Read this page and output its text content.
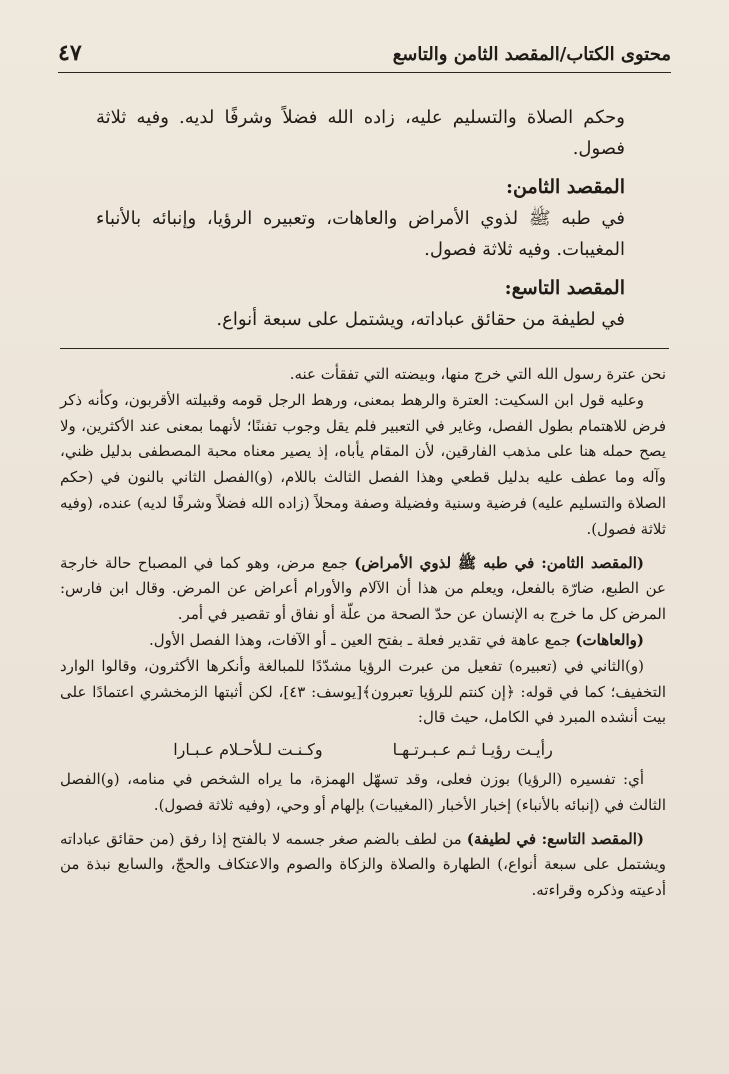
محتوى الكتاب/المقصد الثامن والتاسع
٤٧

وحكم الصلاة والتسليم عليه، زاده الله فضلاً وشرفًا لديه. وفيه ثلاثة فصول.

المقصد الثامن:

في طبه ﷺ لذوي الأمراض والعاهات، وتعبيره الرؤيا، وإنبائه بالأنباء المغيبات. وفيه ثلاثة فصول.

المقصد التاسع:

في لطيفة من حقائق عباداته، ويشتمل على سبعة أنواع.

نحن عترة رسول الله التي خرج منها، وبيضته التي تفقأت عنه.

وعليه قول ابن السكيت: العترة والرهط بمعنى، ورهط الرجل قومه وقبيلته الأقربون، وكأنه ذكر فرض للاهتمام بطول الفصل، وغاير في التعبير فلم يقل وجوب تفننًا؛ لأنهما بمعنى عند الأكثرين، ولا يصح حمله هنا على مذهب الفارقين، لأن المقام يأباه، إذ يصير معناه محبة المصطفى بدليل ظني، وآله وما عطف عليه بدليل قطعي وهذا الفصل الثالث باللام، (و)الفصل الثاني بالنون في (حكم الصلاة والتسليم عليه) فرضية وسنية وفضيلة وصفة ومحلاً (زاده الله فضلاً وشرفًا لديه) عنده، (وفيه ثلاثة فصول).

(المقصد الثامن: في طبه ﷺ لذوي الأمراض) جمع مرض، وهو كما في المصباح حالة خارجة عن الطبع، ضارّة بالفعل، ويعلم من هذا أن الآلام والأورام أعراض عن المرض. وقال ابن فارس: المرض كل ما خرج به الإنسان عن حدّ الصحة من علّة أو نفاق أو تقصير في أمر.

(والعاهات) جمع عاهة في تقدير فعلة ـ بفتح العين ـ أو الآفات، وهذا الفصل الأول.

(و)الثاني في (تعبيره) تفعيل من عبرت الرؤيا مشدّدًا للمبالغة وأنكرها الأكثرون، وقالوا الوارد التخفيف؛ كما في قوله: ﴿إن كنتم للرؤيا تعبرون﴾[يوسف: ٤٣]، لكن أثبتها الزمخشري اعتمادًا على بيت أنشده المبرد في الكامل، حيث قال:

رأيـت رؤيـا ثـم عـبـرتـهـا
وكـنـت لـلأحـلام عـبـارا

أي: تفسيره (الرؤيا) بوزن فعلى، وقد تسهّل الهمزة، ما يراه الشخص في منامه، (و)الفصل الثالث في (إنبائه بالأنباء) إخبار الأخبار (المغيبات) بإلهام أو وحي، (وفيه ثلاثة فصول).

(المقصد التاسع: في لطيفة) من لطف بالضم صغر جسمه لا بالفتح إذا رفق (من حقائق عباداته ويشتمل على سبعة أنواع،) الطهارة والصلاة والزكاة والصوم والاعتكاف والحجّ، والسابع نبذة من أدعيته وذكره وقراءته.
